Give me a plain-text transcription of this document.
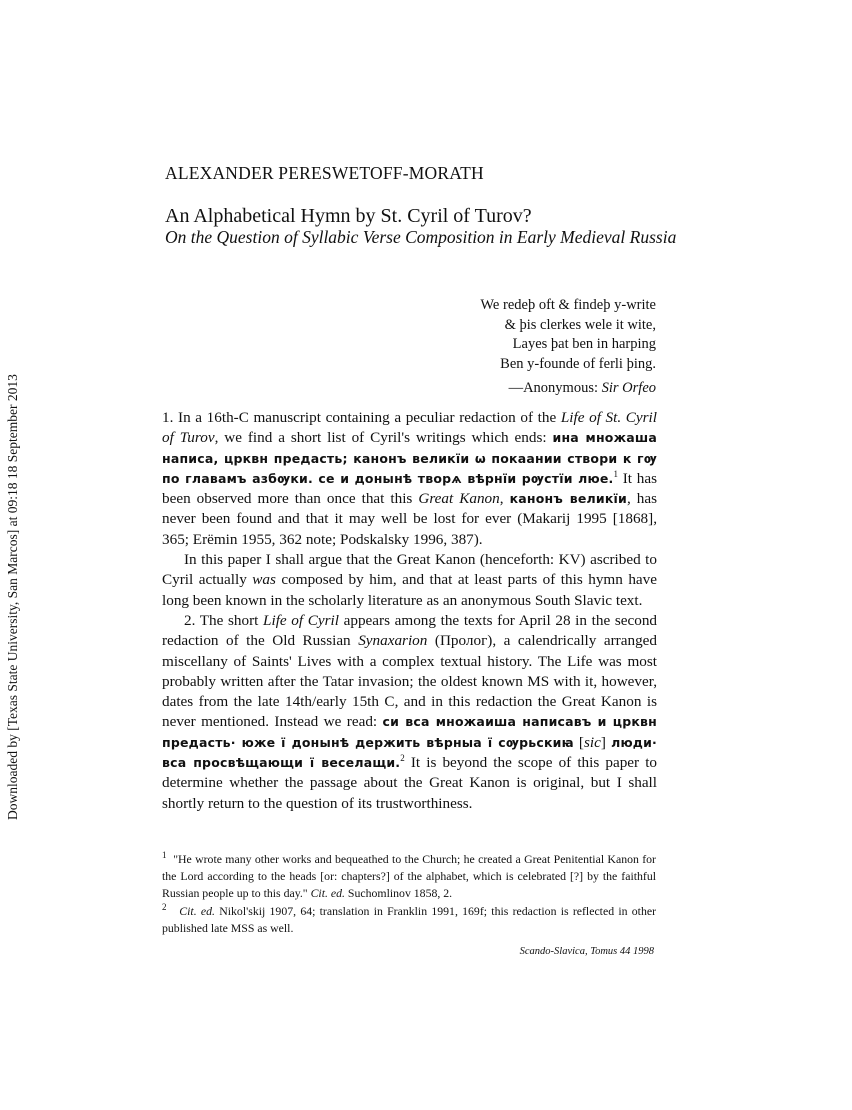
Downloaded by [Texas State University, San Marcos] at 09:18 18 September 2013
ALEXANDER PERESWETOFF-MORATH
An Alphabetical Hymn by St. Cyril of Turov?
On the Question of Syllabic Verse Composition in Early Medieval Russia
We redeþ oft & findeþ y-write
& þis clerkes wele it wite,
Layes þat ben in harping
Ben y-founde of ferli þing.
—Anonymous: Sir Orfeo

1. In a 16th-C manuscript containing a peculiar redaction of the Life of St. Cyril of Turov, we find a short list of Cyril's writings which ends: ина множаша написа, црквн предасть; канонъ великїи ѡ покаании створи к гѹ по главамъ азбѹки. се и донынѣ творѧ вѣрнїи рѹстїи люе.$^1$ It has been observed more than once that this Great Kanon, канонъ великїи, has never been found and that it may well be lost for ever (Makarij 1995 [1868], 365; Erëmin 1955, 362 note; Podskalsky 1996, 387).

In this paper I shall argue that the Great Kanon (henceforth: KV) ascribed to Cyril actually was composed by him, and that at least parts of this hymn have long been known in the scholarly literature as an anonymous South Slavic text.

2. The short Life of Cyril appears among the texts for April 28 in the second redaction of the Old Russian Synaxarion (Пролог), a calendrically arranged miscellany of Saints' Lives with a complex textual history. The Life was most probably written after the Tatar invasion; the oldest known MS with it, however, dates from the late 14th/early 15th C, and in this redaction the Great Kanon is never mentioned. Instead we read: си вса множаиша написавъ и црквн предасть· юже ї донынѣ держить вѣрныа ї сѹрьскиꙗ [sic] люди· вса просвѣщающи ї веселащи.$^2$ It is beyond the scope of this paper to determine whether the passage about the Great Kanon is original, but I shall shortly return to the question of its trustworthiness.

$^1$ "He wrote many other works and bequeathed to the Church; he created a Great Penitential Kanon for the Lord according to the heads [or: chapters?] of the alphabet, which is celebrated [?] by the faithful Russian people up to this day." Cit. ed. Suchomlinov 1858, 2.

$^2$ Cit. ed. Nikol'skij 1907, 64; translation in Franklin 1991, 169f; this redaction is reflected in other published late MSS as well.

Scando-Slavica, Tomus 44 1998
